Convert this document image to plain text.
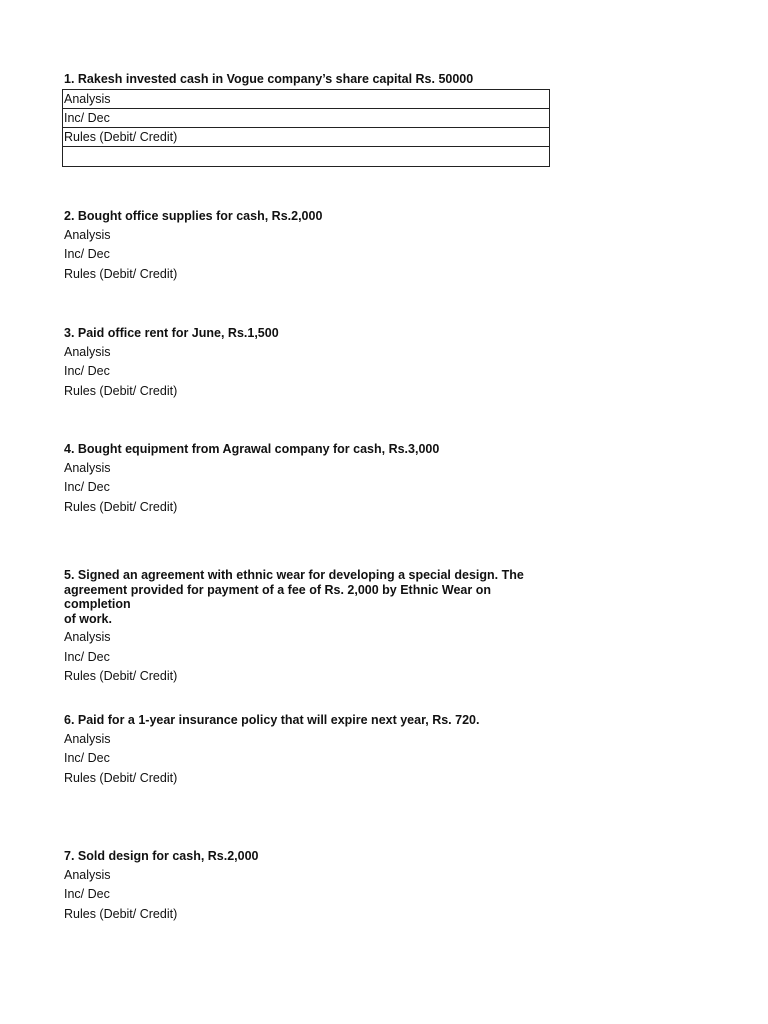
1. Rakesh invested cash in Vogue company’s share capital Rs. 50000
Analysis
Inc/ Dec
Rules (Debit/ Credit)

2. Bought office supplies for cash, Rs.2,000

Analysis

Inc/ Dec

Rules (Debit/ Credit)

3. Paid office rent for June, Rs.1,500

Analysis

Inc/ Dec

Rules (Debit/ Credit)

4. Bought equipment from Agrawal company for cash, Rs.3,000

Analysis

Inc/ Dec

Rules (Debit/ Credit)

5. Signed an agreement with ethnic wear for developing a special design. The

agreement provided for payment of a fee of Rs. 2,000 by Ethnic Wear on completion

of work.

Analysis

Inc/ Dec

Rules (Debit/ Credit)

6. Paid for a 1-year insurance policy that will expire next year, Rs. 720.

Analysis

Inc/ Dec

Rules (Debit/ Credit)

7. Sold design for cash, Rs.2,000

Analysis

Inc/ Dec

Rules (Debit/ Credit)
